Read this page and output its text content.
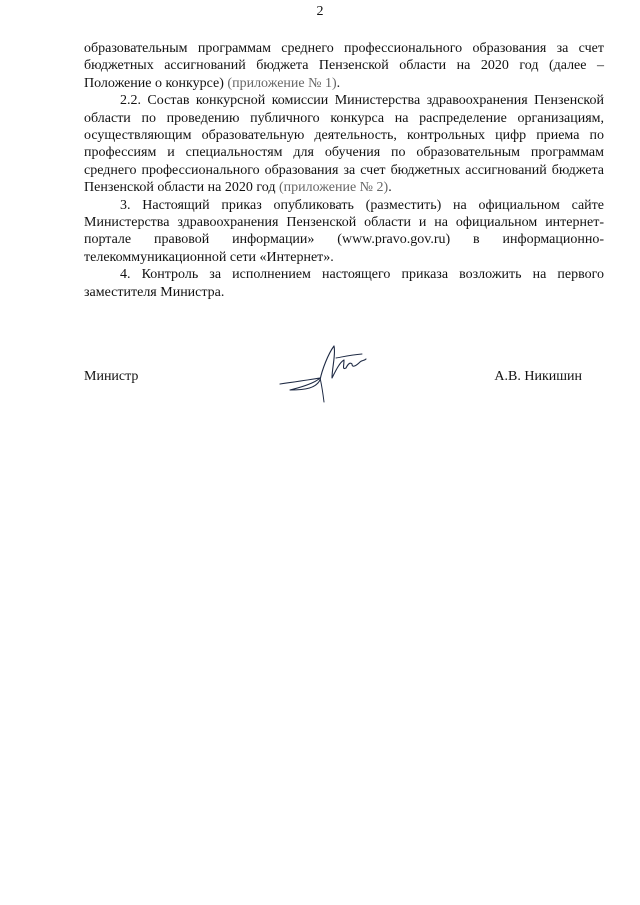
2

образовательным программам среднего профессионального образования за счет бюджетных ассигнований бюджета Пензенской области на 2020 год (далее – Положение о конкурсе) (приложение № 1).

2.2. Состав конкурсной комиссии Министерства здравоохранения Пензенской области по проведению публичного конкурса на распределение организациям, осуществляющим образовательную деятельность, контрольных цифр приема по профессиям и специальностям для обучения по образовательным программам среднего профессионального образования за счет бюджетных ассигнований бюджета Пензенской области на 2020 год (приложение № 2).

3. Настоящий приказ опубликовать (разместить) на официальном сайте Министерства здравоохранения Пензенской области и на официальном интернет-портале правовой информации» (www.pravo.gov.ru) в информационно-телекоммуникационной сети «Интернет».

4. Контроль за исполнением настоящего приказа возложить на первого заместителя Министра.

Министр	А.В. Никишин
